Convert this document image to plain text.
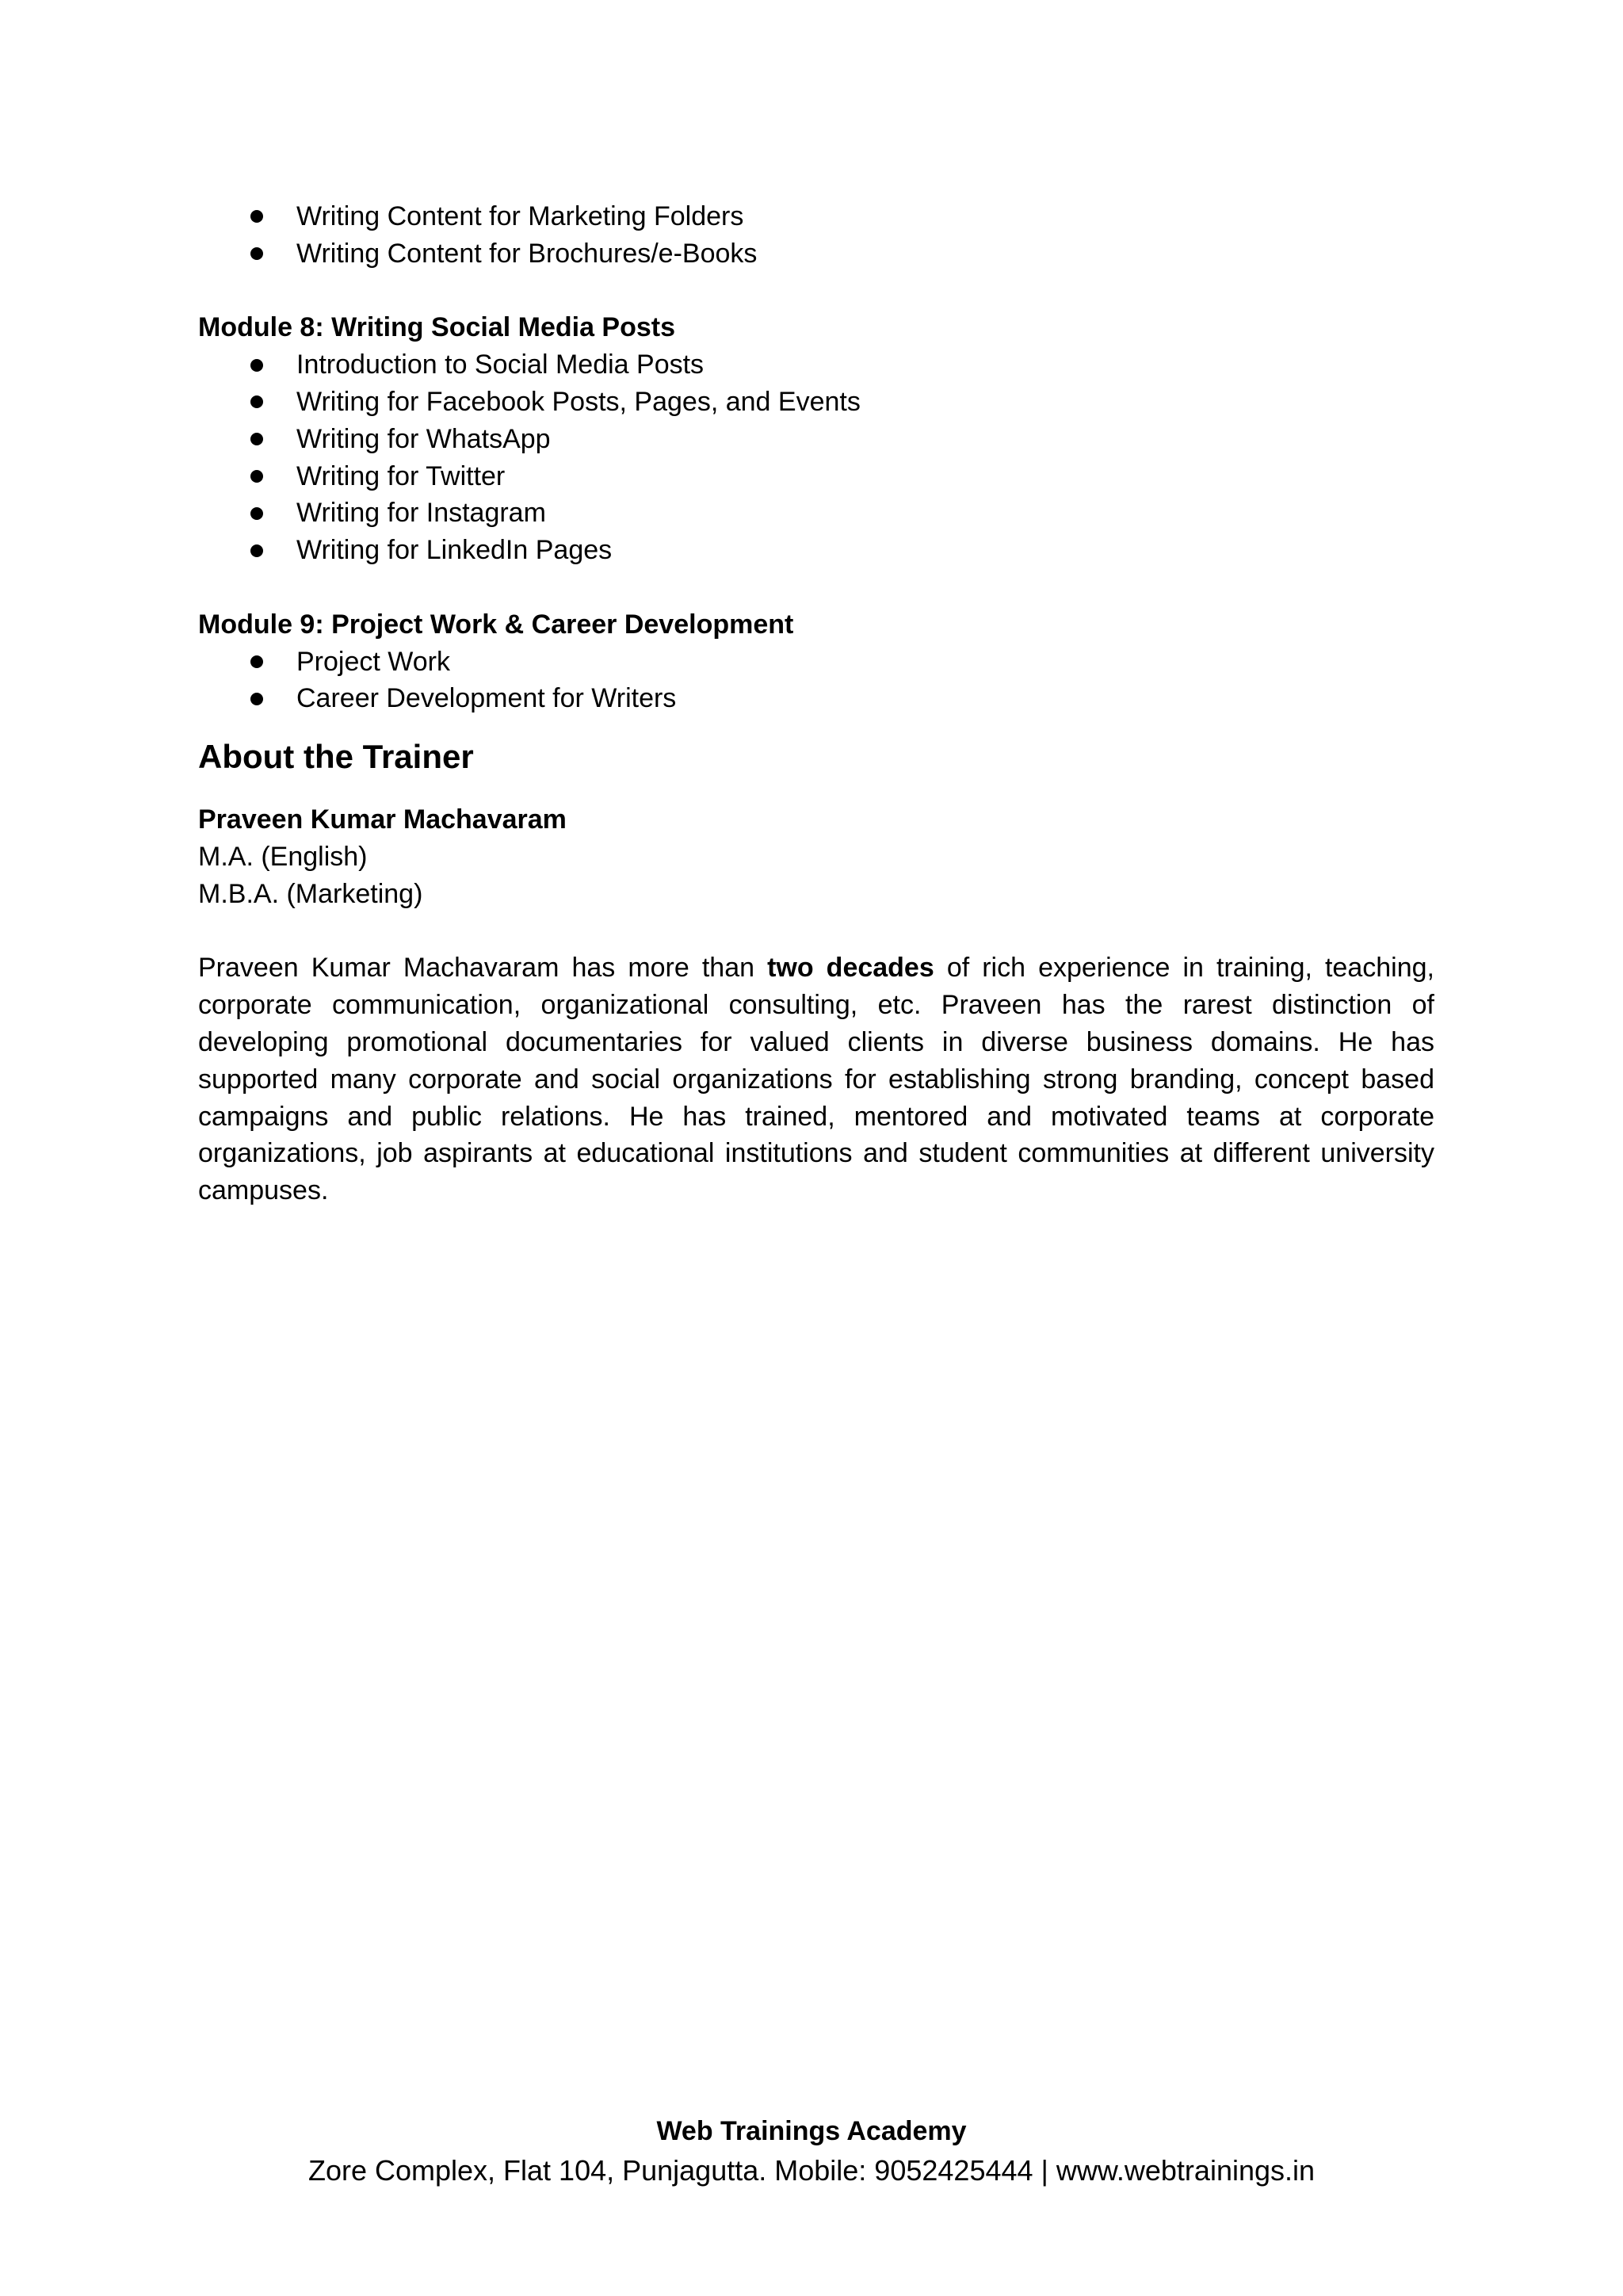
Writing Content for Marketing Folders
Writing Content for Brochures/e-Books
Module 8: Writing Social Media Posts
Introduction to Social Media Posts
Writing for Facebook Posts, Pages, and Events
Writing for WhatsApp
Writing for Twitter
Writing for Instagram
Writing for LinkedIn Pages
Module 9: Project Work & Career Development
Project Work
Career Development for Writers
About the Trainer
Praveen Kumar Machavaram
M.A. (English)
M.B.A. (Marketing)

Praveen Kumar Machavaram has more than two decades of rich experience in training, teaching, corporate communication, organizational consulting, etc. Praveen has the rarest distinction of developing promotional documentaries for valued clients in diverse business domains. He has supported many corporate and social organizations for establishing strong branding, concept based campaigns and public relations. He has trained, mentored and motivated teams at corporate organizations, job aspirants at educational institutions and student communities at different university campuses.

Web Trainings Academy
Zore Complex, Flat 104, Punjagutta. Mobile: 9052425444 | www.webtrainings.in
